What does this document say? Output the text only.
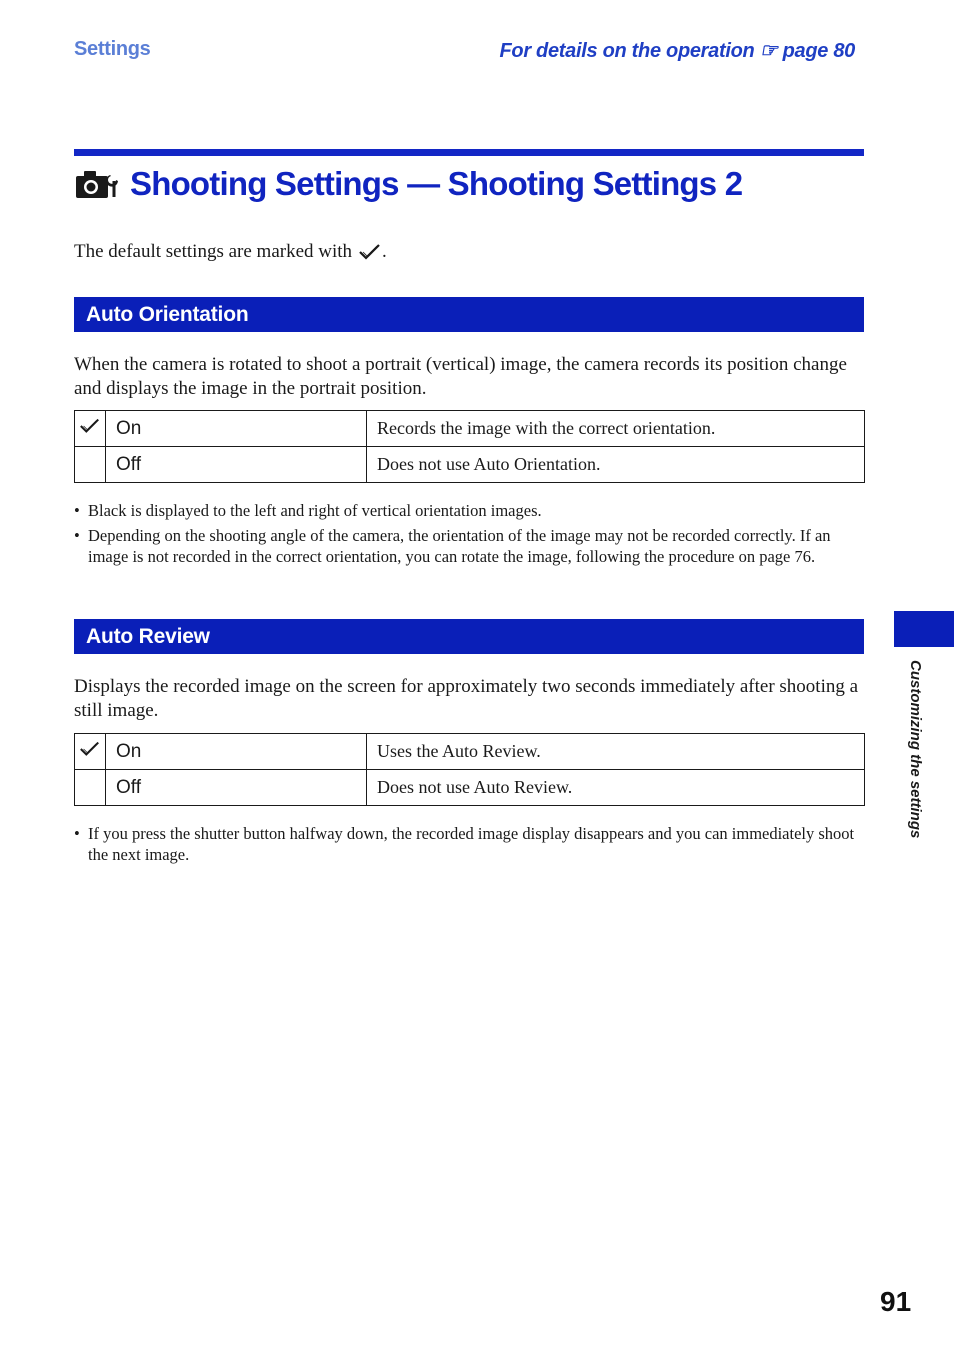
Settings	For details on the operation ☞ page 80
Shooting Settings — Shooting Settings 2
The default settings are marked with .
Auto Orientation
When the camera is rotated to shoot a portrait (vertical) image, the camera records its position change and displays the image in the portrait position.
	On	Records the image with the correct orientation.
	Off	Does not use Auto Orientation.
• Black is displayed to the left and right of vertical orientation images.
• Depending on the shooting angle of the camera, the orientation of the image may not be recorded correctly. If an image is not recorded in the correct orientation, you can rotate the image, following the procedure on page 76.
Auto Review
Displays the recorded image on the screen for approximately two seconds immediately after shooting a still image.
	On	Uses the Auto Review.
	Off	Does not use Auto Review.
• If you press the shutter button halfway down, the recorded image display disappears and you can immediately shoot the next image.
Customizing the settings
91
